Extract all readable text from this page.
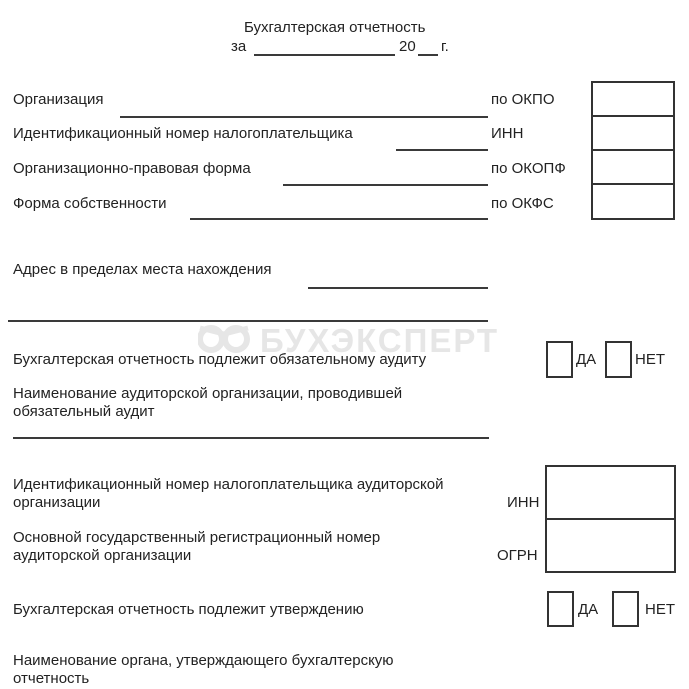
БУХЭКСПЕРТ
Бухгалтерская отчетность
за	20 г.
Организация	по ОКПО
Идентификационный номер налогоплательщика	ИНН
Организационно-правовая форма	по ОКОПФ
Форма собственности	по ОКФС
Адрес в пределах места нахождения
Бухгалтерская отчетность подлежит обязательному аудиту	ДА	НЕТ
Наименование аудиторской организации, проводившей
обязательный аудит
Идентификационный номер налогоплательщика аудиторской
организации	ИНН
Основной государственный регистрационный номер
аудиторской организации	ОГРН
Бухгалтерская отчетность подлежит утверждению	ДА	НЕТ
Наименование органа, утверждающего бухгалтерскую
отчетность
